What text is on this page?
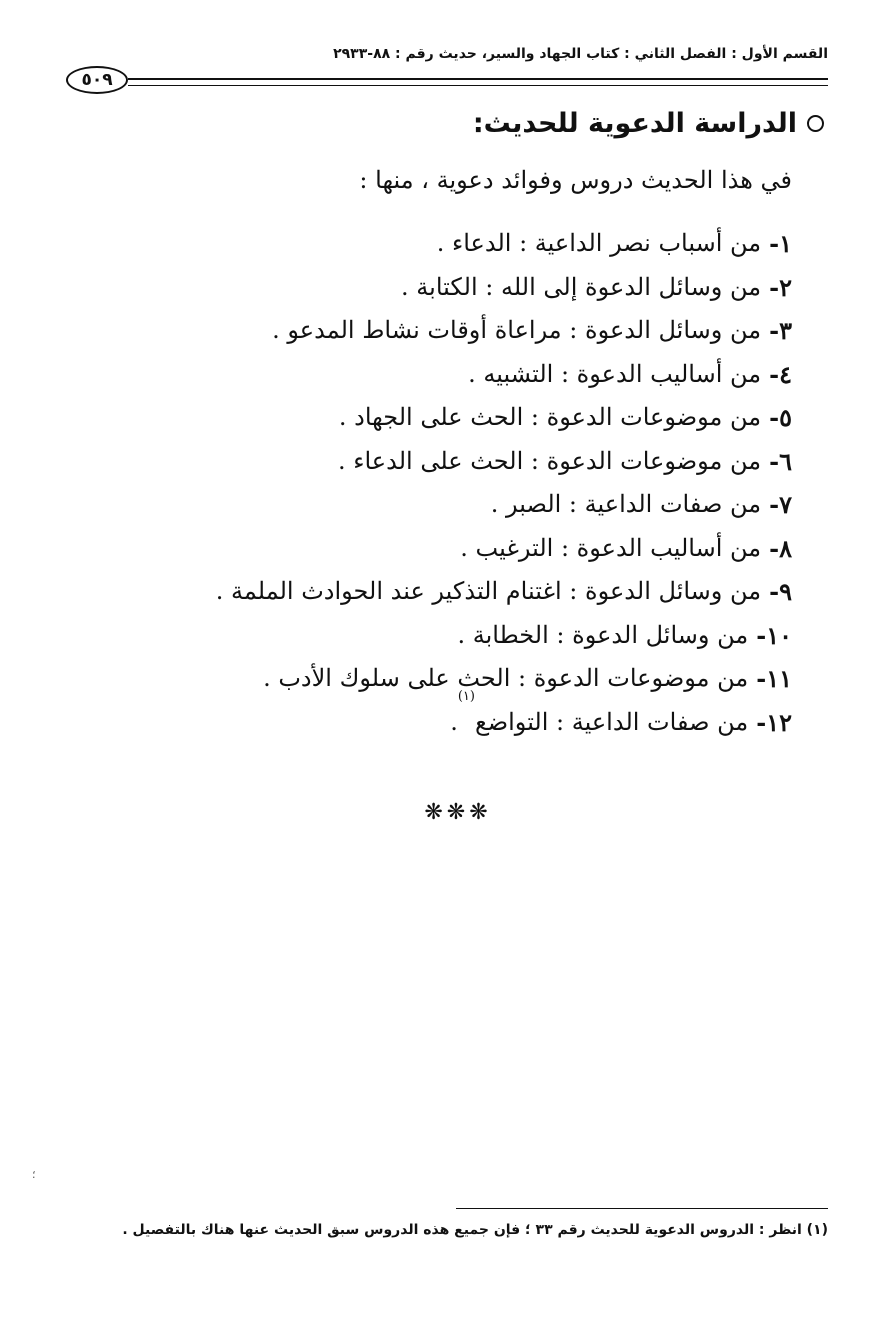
القسم الأول : الفصل الثاني : كتاب الجهاد والسير، حديث رقم : ٨٨-٢٩٣٣
٥٠٩
الدراسة الدعوية للحديث:
في هذا الحديث دروس وفوائد دعوية ، منها :
١-
من أسباب نصر الداعية : الدعاء .
٢-
من وسائل الدعوة إلى الله : الكتابة .
٣-
من وسائل الدعوة : مراعاة أوقات نشاط المدعو .
٤-
من أساليب الدعوة : التشبيه .
٥-
من موضوعات الدعوة : الحث على الجهاد .
٦-
من موضوعات الدعوة : الحث على الدعاء .
٧-
من صفات الداعية : الصبر .
٨-
من أساليب الدعوة : الترغيب .
٩-
من وسائل الدعوة : اغتنام التذكير عند الحوادث الملمة .
١٠-
من وسائل الدعوة : الخطابة .
١١-
من موضوعات الدعوة : الحث على سلوك الأدب .
١٢-
من صفات الداعية : التواضع
$^{(١)}$
.
❋❋❋
؛
(١) انظر : الدروس الدعوية للحديث رقم ٣٣ ؛ فإن جميع هذه الدروس سبق الحديث عنها هناك بالتفصيل .
